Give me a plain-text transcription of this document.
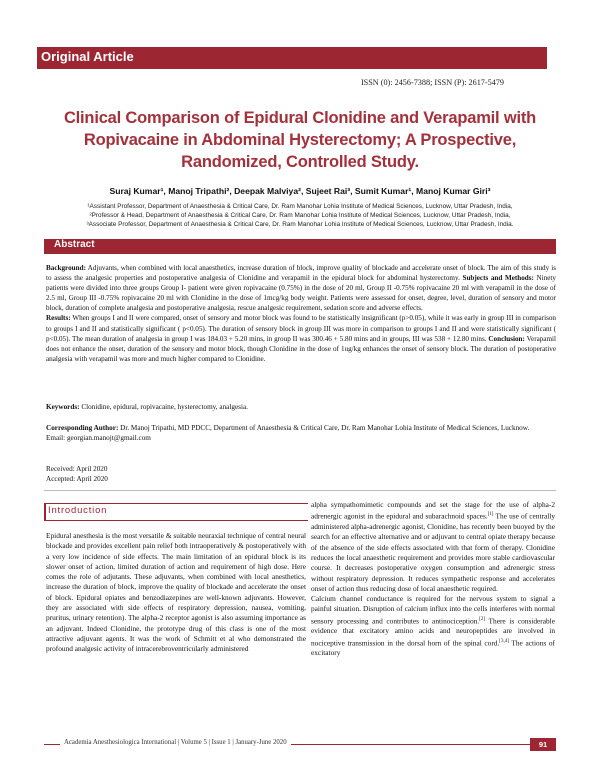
Original Article
ISSN (0): 2456-7388; ISSN (P): 2617-5479
Clinical Comparison of Epidural Clonidine and Verapamil with
Ropivacaine in Abdominal Hysterectomy; A Prospective,
Randomized, Controlled Study.
Suraj Kumar¹, Manoj Tripathi², Deepak Malviya², Sujeet Rai³, Sumit Kumar¹, Manoj Kumar Giri³
¹Assistant Professor, Department of Anaesthesia & Critical Care, Dr. Ram Manohar Lohia Institute of Medical Sciences, Lucknow, Uttar Pradesh, India,
²Professor & Head, Department of Anaesthesia & Critical Care, Dr. Ram Manohar Lohia Institute of Medical Sciences, Lucknow, Uttar Pradesh, India,
³Associate Professor, Department of Anaesthesia & Critical Care, Dr. Ram Manohar Lohia Institute of Medical Sciences, Lucknow, Uttar Pradesh, India.
Abstract
Background: Adjuvants, when combined with local anaesthetics, increase duration of block, improve quality of blockade and accelerate onset of block. The aim of this study is to assess the analgesic properties and postoperative analgesia of Clonidine and verapamil in the epidural block for abdominal hysterectomy. Subjects and Methods: Ninety patients were divided into three groups Group I- patient were given ropivacaine (0.75%) in the dose of 20 ml, Group II -0.75% ropivacaine 20 ml with verapamil in the dose of 2.5 ml, Group III -0.75% ropivacaine 20 ml with Clonidine in the dose of 1mcg/kg body weight. Patients were assessed for onset, degree, level, duration of sensory and motor block, duration of complete analgesia and postoperative analgesia, rescue analgesic requirement, sedation score and adverse effects.
Results: When groups I and II were compared, onset of sensory and motor block was found to be statistically insignificant (p>0.05), while it was early in group III in comparison to groups I and II and statistically significant ( p<0.05). The duration of sensory block in group III was more in comparison to groups I and II and were statistically significant ( p<0.05). The mean duration of analgesia in group I was 184.03 + 5.20 mins, in group II was 300.46 + 5.80 mins and in groups, III was 538 + 12.80 mins. Conclusion: Verapamil does not enhance the onset, duration of the sensory and motor block, though Clonidine in the dose of 1ug/kg enhances the onset of sensory block. The duration of postoperative analgesia with verapamil was more and much higher compared to Clonidine.
Keywords: Clonidine, epidural, ropivacaine, hysterectomy, analgesia.
Corresponding Author: Dr. Manoj Tripathi, MD PDCC, Department of Anaesthesia & Critical Care, Dr. Ram Manohar Lohia Institute of Medical Sciences, Lucknow.
Email: georgian.manojt@gmail.com
Received: April 2020
Accepted: April 2020
Introduction
Epidural anesthesia is the most versatile & suitable neuraxial technique of central neural blockade and provides excellent pain relief both intraoperatively & postoperatively with a very low incidence of side effects. The main limitation of an epidural block is its slower onset of action, limited duration of action and requirement of high dose. Here comes the role of adjutants. These adjuvants, when combined with local anesthetics, increase the duration of block, improve the quality of blockade and accelerate the onset of block. Epidural opiates and benzodiazepines are well-known adjuvants. However, they are associated with side effects of respiratory depression, nausea, vomiting, pruritus, urinary retention). The alpha-2 receptor agonist is also assuming importance as an adjuvant. Indeed Clonidine, the prototype drug of this class is one of the most attractive adjuvant agents. It was the work of Schmitt et al who demonstrated the profound analgesic activity of intracerebroventricularly administered
alpha sympathomimetic compounds and set the stage for the use of alpha-2 adrenergic agonist in the epidural and subarachnoid spaces.[1] The use of centrally administered alpha-adrenergic agonist, Clonidine, has recently been buoyed by the search for an effective alternative and or adjuvant to central opiate therapy because of the absence of the side effects associated with that form of therapy. Clonidine reduces the local anaesthetic requirement and provides more stable cardiovascular course. It decreases postoperative oxygen consumption and adrenergic stress without respiratory depression. It reduces sympathetic response and accelerates onset of action thus reducing dose of local anaesthetic required.
Calcium channel conductance is required for the nervous system to signal a painful situation. Disruption of calcium influx into the cells interferes with normal sensory processing and contributes to antinociception.[2] There is considerable evidence that excitatory amino acids and neuropeptides are involved in nociceptive transmission in the dorsal horn of the spinal cord.[3,4] The actions of excitatory
Academia Anesthesiologica International | Volume 5 | Issue 1 | January-June 2020	91
